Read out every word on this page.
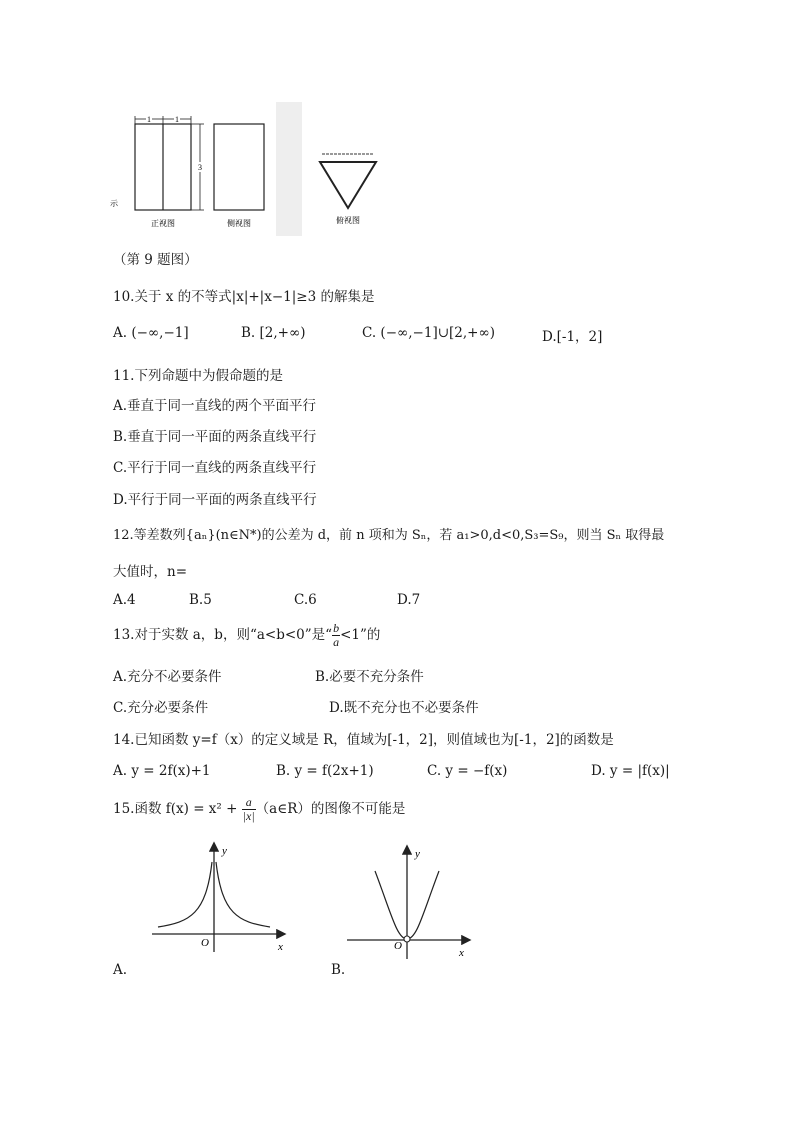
1	1
3
示
正视图	侧视图	俯视图
（第 9 题图）
10.关于 x 的不等式|x|+|x−1|≥3 的解集是
A. (−∞,−1]	B. [2,+∞)	C. (−∞,−1]∪[2,+∞)	D.[-1，2]
11.下列命题中为假命题的是
A.垂直于同一直线的两个平面平行
B.垂直于同一平面的两条直线平行
C.平行于同一直线的两条直线平行
D.平行于同一平面的两条直线平行
12.等差数列{aₙ}(n∈N*)的公差为 d，前 n 项和为 Sₙ，若 a₁>0,d<0,S₃=S₉，则当 Sₙ 取得最
大值时，n=
A.4	B.5	C.6	D.7
13.对于实数 a，b，则“a<b<0”是“ $\frac{b}{a} <1$”的
A.充分不必要条件	B.必要不充分条件
C.充分必要条件	D.既不充分也不必要条件
14.已知函数 y=f（x）的定义域是 R，值域为[-1，2]，则值域也为[-1，2]的函数是
A. y = 2f(x)+1	B. y = f(2x+1)	C. y = −f(x)	D. y = |f(x)|
15.函数 $f(x) = x^2 + \frac{a}{|x|}$ （a∈R）的图像不可能是
y
x
O
A.
y
x
O
B.
